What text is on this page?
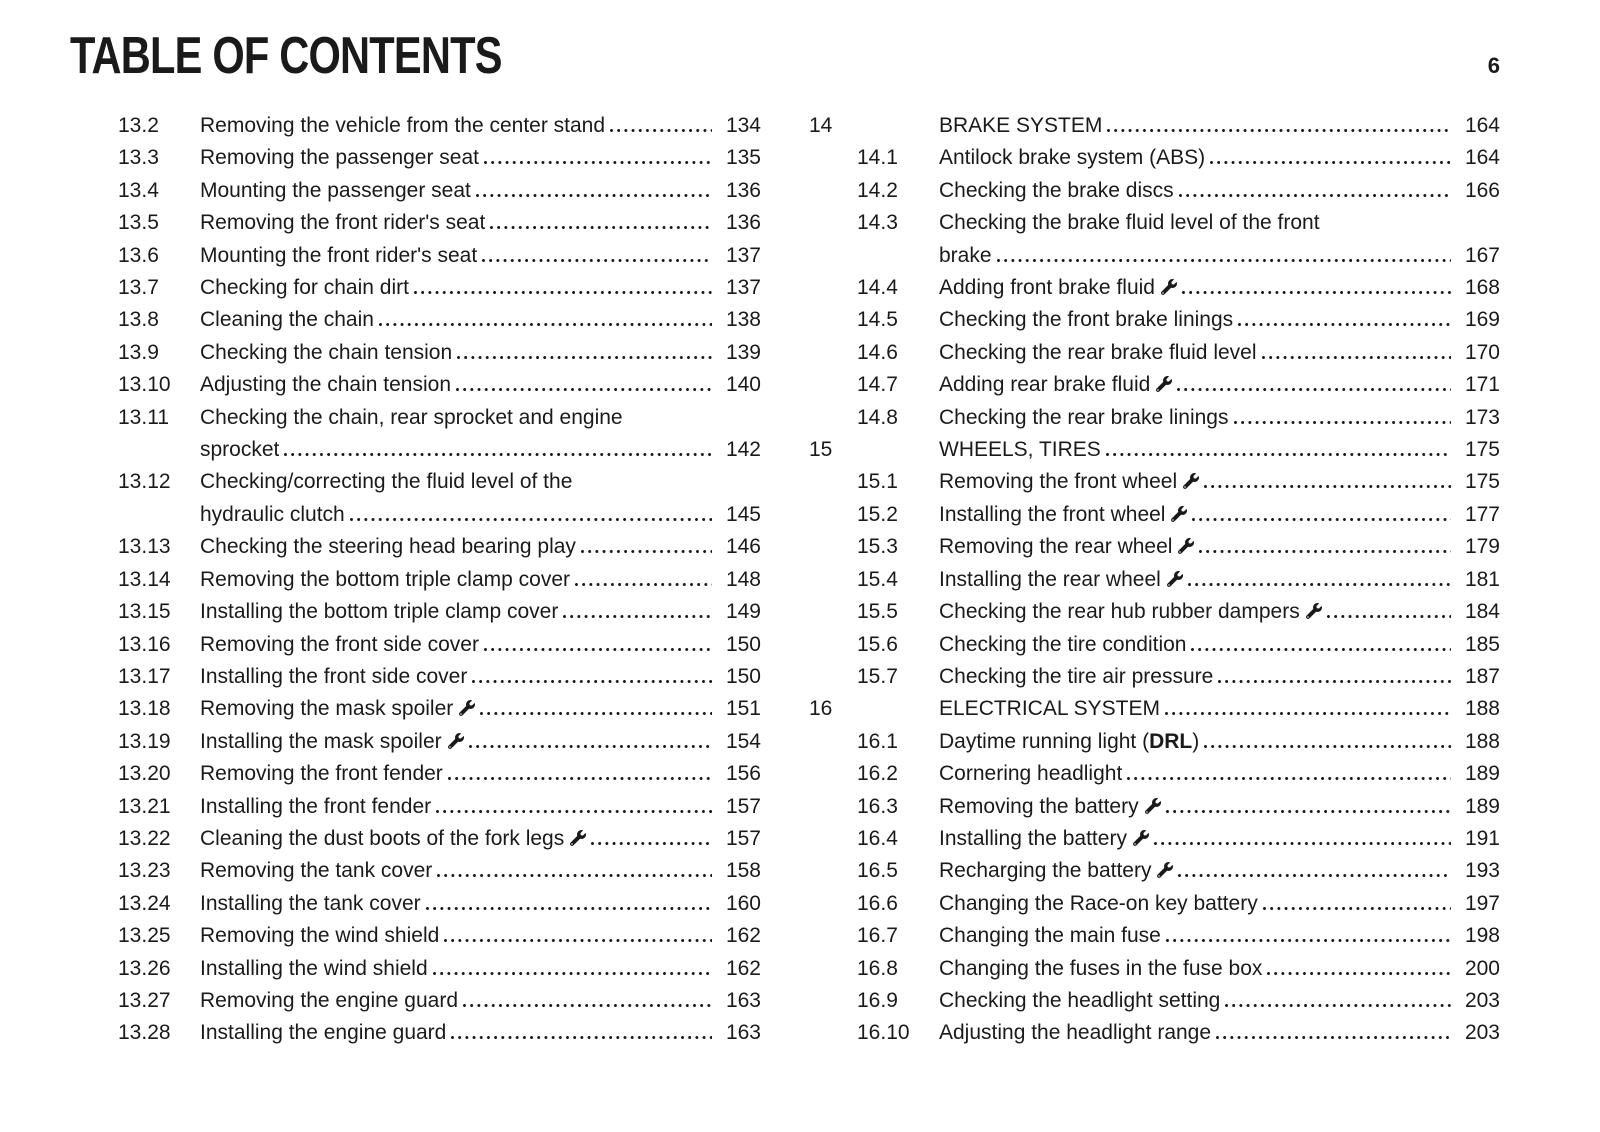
TABLE OF CONTENTS	6
13.2	Removing the vehicle from the center stand	134
13.3	Removing the passenger seat	135
13.4	Mounting the passenger seat	136
13.5	Removing the front rider's seat	136
13.6	Mounting the front rider's seat	137
13.7	Checking for chain dirt	137
13.8	Cleaning the chain	138
13.9	Checking the chain tension	139
13.10	Adjusting the chain tension	140
13.11	Checking the chain, rear sprocket and engine
sprocket	142
13.12	Checking/correcting the fluid level of the
hydraulic clutch	145
13.13	Checking the steering head bearing play	146
13.14	Removing the bottom triple clamp cover	148
13.15	Installing the bottom triple clamp cover	149
13.16	Removing the front side cover	150
13.17	Installing the front side cover	150
13.18	Removing the mask spoiler	151
13.19	Installing the mask spoiler	154
13.20	Removing the front fender	156
13.21	Installing the front fender	157
13.22	Cleaning the dust boots of the fork legs	157
13.23	Removing the tank cover	158
13.24	Installing the tank cover	160
13.25	Removing the wind shield	162
13.26	Installing the wind shield	162
13.27	Removing the engine guard	163
13.28	Installing the engine guard	163
14	BRAKE SYSTEM	164
14.1	Antilock brake system (ABS)	164
14.2	Checking the brake discs	166
14.3	Checking the brake fluid level of the front
brake	167
14.4	Adding front brake fluid	168
14.5	Checking the front brake linings	169
14.6	Checking the rear brake fluid level	170
14.7	Adding rear brake fluid	171
14.8	Checking the rear brake linings	173
15	WHEELS, TIRES	175
15.1	Removing the front wheel	175
15.2	Installing the front wheel	177
15.3	Removing the rear wheel	179
15.4	Installing the rear wheel	181
15.5	Checking the rear hub rubber dampers	184
15.6	Checking the tire condition	185
15.7	Checking the tire air pressure	187
16	ELECTRICAL SYSTEM	188
16.1	Daytime running light (DRL)	188
16.2	Cornering headlight	189
16.3	Removing the battery	189
16.4	Installing the battery	191
16.5	Recharging the battery	193
16.6	Changing the Race-on key battery	197
16.7	Changing the main fuse	198
16.8	Changing the fuses in the fuse box	200
16.9	Checking the headlight setting	203
16.10	Adjusting the headlight range	203
